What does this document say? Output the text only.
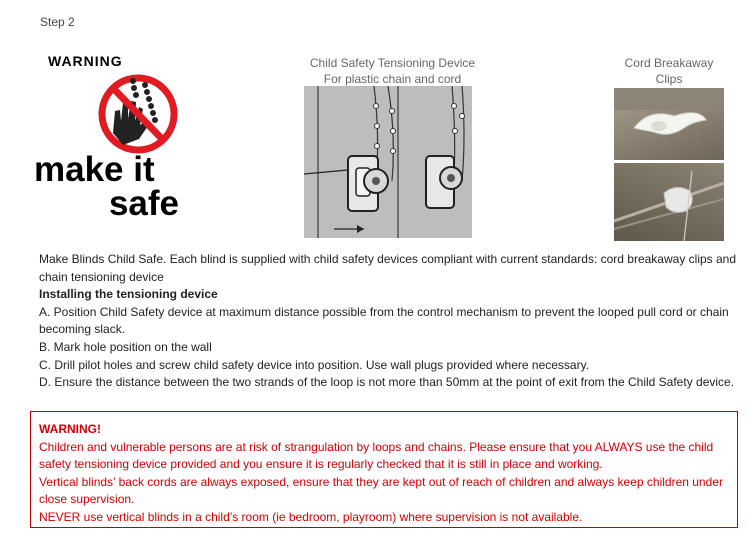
Step 2
WARNING
make it
safe
Child Safety Tensioning Device
For plastic chain and cord
Cord Breakaway
Clips

Make Blinds Child Safe. Each blind is supplied with child safety devices compliant with current standards: cord breakaway clips and chain tensioning device

Installing the tensioning device

A. Position Child Safety device at maximum distance possible from the control mechanism to prevent the looped pull cord or chain becoming slack.

B. Mark hole position on the wall

C. Drill pilot holes and screw child safety device into position. Use wall plugs provided where necessary.

D. Ensure the distance between the two strands of the loop is not more than 50mm at the point of exit from the Child Safety device.

WARNING!

Children and vulnerable persons are at risk of strangulation by loops and chains. Please ensure that you ALWAYS use the child safety tensioning device provided and you ensure it is regularly checked that it is still in place and working.

Vertical blinds’ back cords are always exposed, ensure that they are kept out of reach of children and always keep children under close supervision.

NEVER use vertical blinds in a child’s room (ie bedroom, playroom) where supervision is not available.
